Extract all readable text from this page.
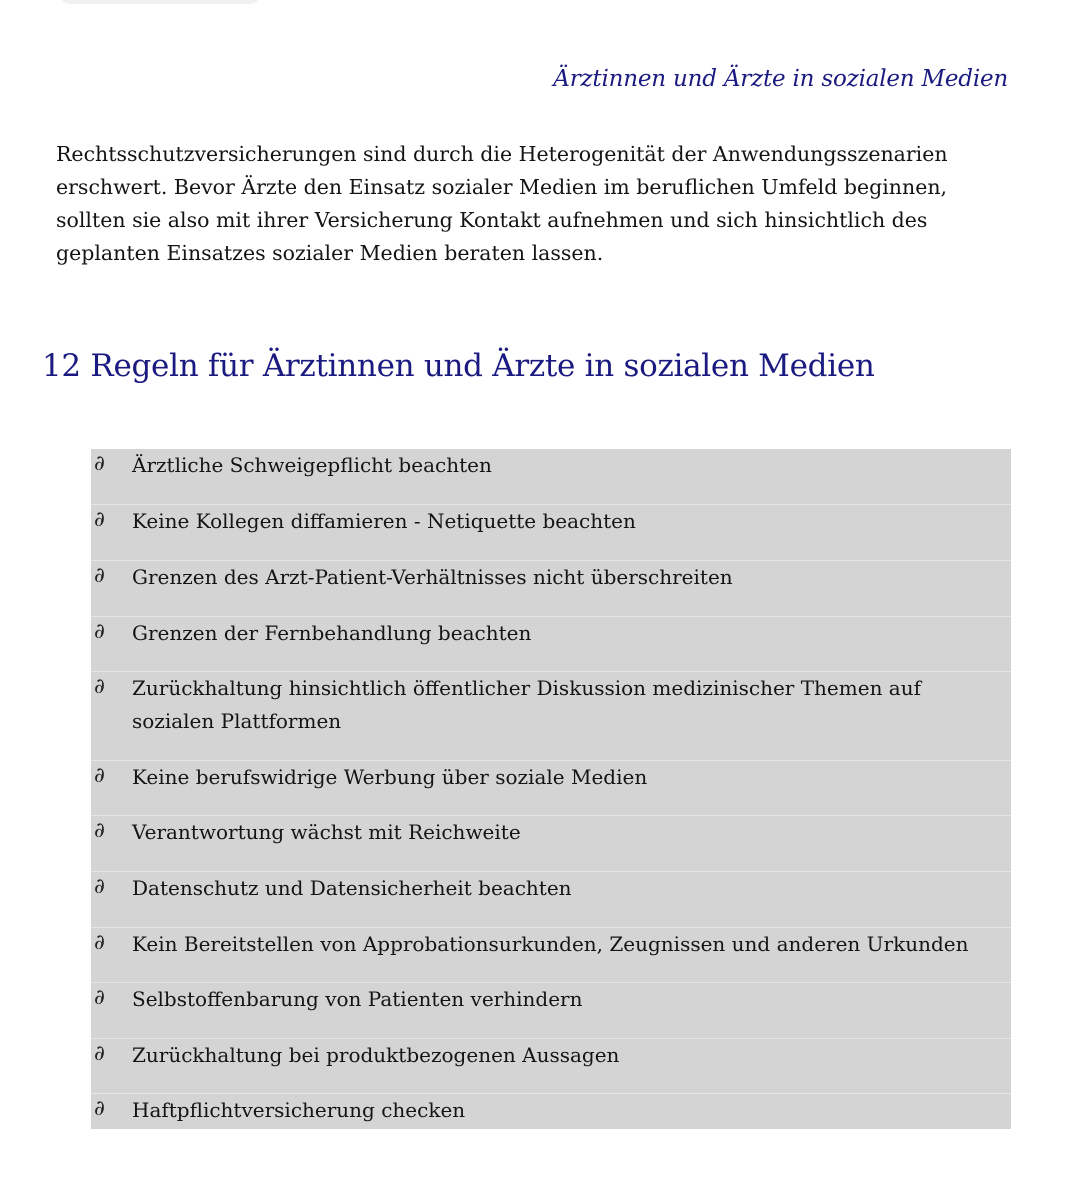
Ärztinnen und Ärzte in sozialen Medien
Rechtsschutzversicherungen sind durch die Heterogenität der Anwendungsszenarien
erschwert. Bevor Ärzte den Einsatz sozialer Medien im beruflichen Umfeld beginnen,
sollten sie also mit ihrer Versicherung Kontakt aufnehmen und sich hinsichtlich des
geplanten Einsatzes sozialer Medien beraten lassen.
12 Regeln für Ärztinnen und Ärzte in sozialen Medien
∂ Ärztliche Schweigepflicht beachten
∂ Keine Kollegen diffamieren - Netiquette beachten
∂ Grenzen des Arzt-Patient-Verhältnisses nicht überschreiten
∂ Grenzen der Fernbehandlung beachten
∂ Zurückhaltung hinsichtlich öffentlicher Diskussion medizinischer Themen auf sozialen Plattformen
∂ Keine berufswidrige Werbung über soziale Medien
∂ Verantwortung wächst mit Reichweite
∂ Datenschutz und Datensicherheit beachten
∂ Kein Bereitstellen von Approbationsurkunden, Zeugnissen und anderen Urkunden
∂ Selbstoffenbarung von Patienten verhindern
∂ Zurückhaltung bei produktbezogenen Aussagen
∂ Haftpflichtversicherung checken
